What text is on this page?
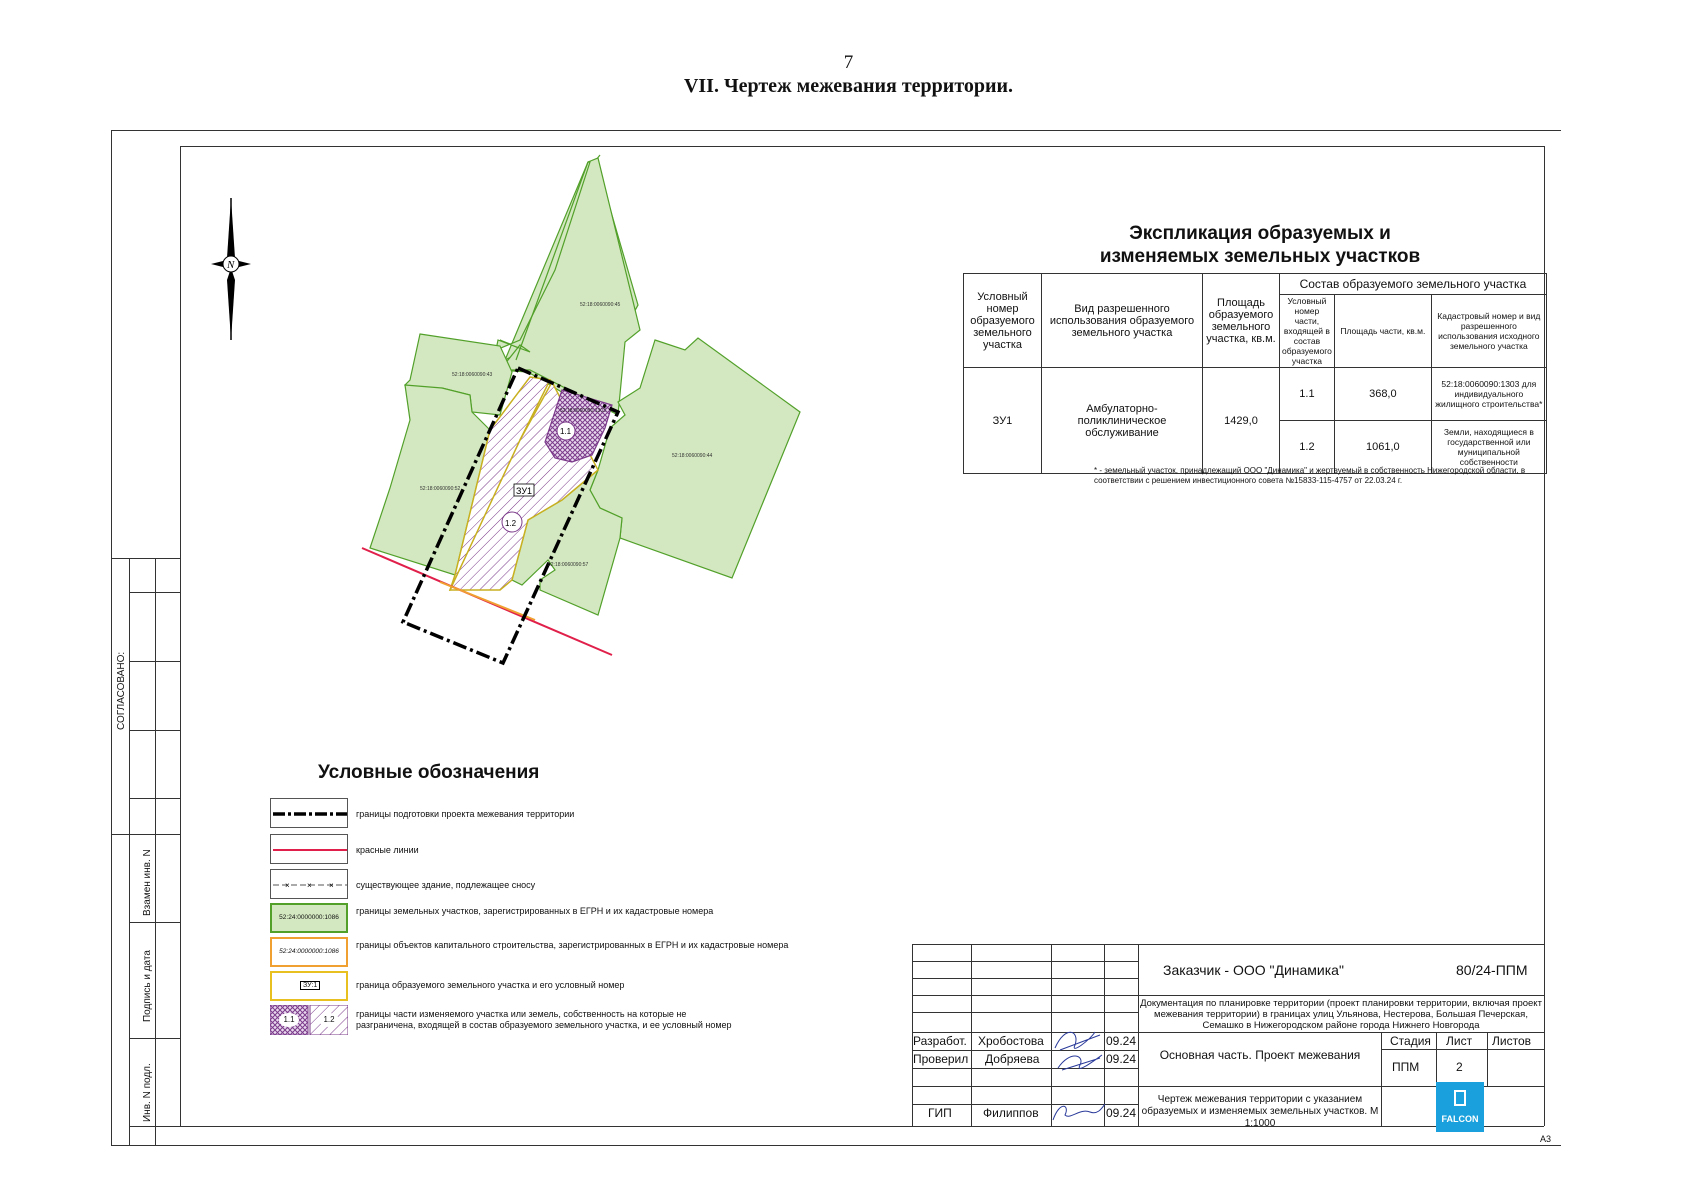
7
VII. Чертеж межевания территории.
СОГЛАСОВАНО:
Взамен инв. N
Подпись и дата
Инв. N подл.
N
52:18:0060090:45
52:18:0060090:43
52:18:0060090:44
52:18:0060090:52
52:18:0060090:57
52:18:0060090:1303
ЗУ1
1.1
1.2
Экспликация образуемых и
изменяемых земельных участков
Условный номер образуемого земельного участка	Вид разрешенного использования образуемого земельного участка	Площадь образуемого земельного участка, кв.м.	Состав образуемого земельного участка		
			Условный номер части, входящей в состав образуемого участка	Площадь части, кв.м.	Кадастровый номер и вид разрешенного использования исходного земельного участка
ЗУ1	Амбулаторно-поликлиническое обслуживание	1429,0	1.1	368,0	52:18:0060090:1303 для индивидуального жилищного строительства*
			1.2	1061,0	Земли, находящиеся в государственной или муниципальной собственности
* - земельный участок, принадлежащий ООО "Динамика" и жертвуемый в собственность Нижегородской области, в соответствии с решением инвестиционного совета №15833-115-4757 от 22.03.24 г.
Условные обозначения
границы подготовки проекта межевания территории
красные линии
× × × существующее здание, подлежащее сносу
52:24:0000000:1086
границы земельных участков, зарегистрированных в ЕГРН и их кадастровые номера
52:24:0000000:1086
границы объектов капитального строительства, зарегистрированных в ЕГРН и их кадастровые номера
ЗУ:1	граница образуемого земельного участка и его условный номер
1.1	1.2
границы части изменяемого участка или земель, собственность на которые не разграничена, входящей в состав образуемого земельного участка, и ее условный номер
Заказчик - ООО "Динамика"	80/24-ППМ
Документация по планировке территории (проект планировки территории, включая проект межевания территории) в границах улиц Ульянова, Нестерова, Большая Печерская, Семашко в Нижегородском районе города Нижнего Новгорода
Разработ. Хробостова	09.24
Проверил Добряева	09.24
ГИП	Филиппов	09.24
Основная часть. Проект межевания
Стадия Лист Листов
ППМ	2
Чертеж межевания территории с указанием образуемых и изменяемых земельных участков. М 1:1000	FALCON
А3
